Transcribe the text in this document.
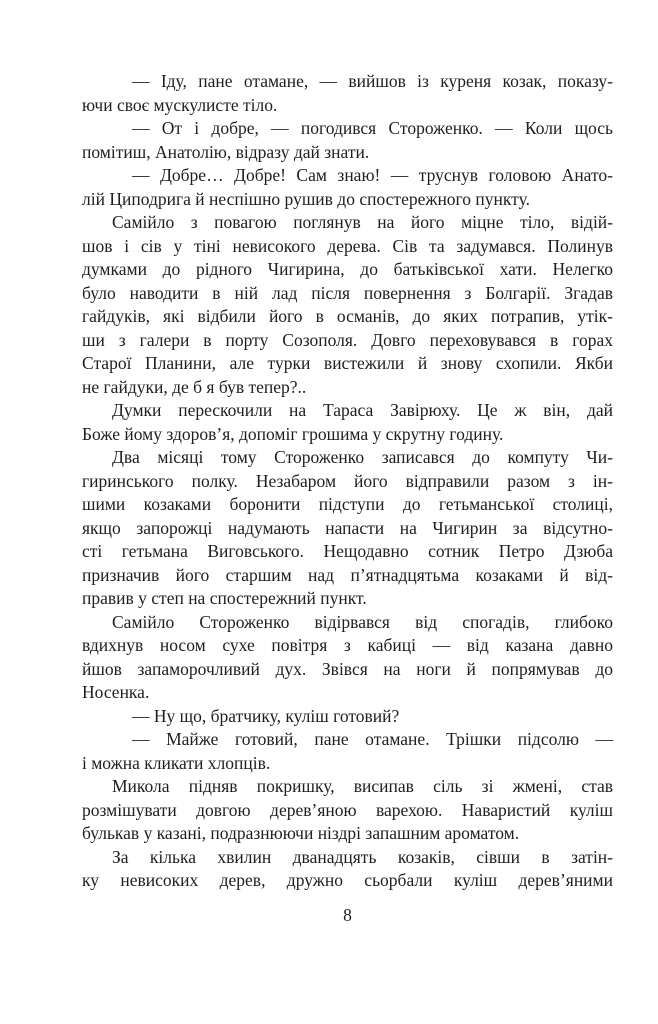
— Іду, пане отамане, — вийшов із куреня козак, показу-
ючи своє мускулисте тіло.
— От і добре, — погодився Стороженко. — Коли щось
помітиш, Анатолію, відразу дай знати.
— Добре… Добре! Сам знаю! — труснув головою Анато-
лій Циподрига й неспішно рушив до спостережного пункту.
Самійло з повагою поглянув на його міцне тіло, відій-
шов і сів у тіні невисокого дерева. Сів та задумався. Полинув
думками до рідного Чигирина, до батьківської хати. Нелегко
було наводити в ній лад після повернення з Болгарії. Згадав
гайдуків, які відбили його в османів, до яких потрапив, утік-
ши з галери в порту Созополя. Довго переховувався в горах
Старої Планини, але турки вистежили й знову схопили. Якби
не гайдуки, де б я був тепер?..
Думки перескочили на Тараса Завірюху. Це ж він, дай
Боже йому здоров’я, допоміг грошима у скрутну годину.
Два місяці тому Стороженко записався до компуту Чи-
гиринського полку. Незабаром його відправили разом з ін-
шими козаками боронити підступи до гетьманської столиці,
якщо запорожці надумають напасти на Чигирин за відсутно-
сті гетьмана Виговського. Нещодавно сотник Петро Дзюба
призначив його старшим над п’ятнадцятьма козаками й від-
правив у степ на спостережний пункт.
Самійло Стороженко відірвався від спогадів, глибоко
вдихнув носом сухе повітря з кабиці — від казана давно
йшов запаморочливий дух. Звівся на ноги й попрямував до
Носенка.
— Ну що, братчику, куліш готовий?
— Майже готовий, пане отамане. Трішки підсолю —
і можна кликати хлопців.
Микола підняв покришку, висипав сіль зі жмені, став
розмішувати довгою дерев’яною варехою. Наваристий куліш
булькав у казані, подразнюючи ніздрі запашним ароматом.
За кілька хвилин дванадцять козаків, сівши в затін-
ку невисоких дерев, дружно сьорбали куліш дерев’яними
8
